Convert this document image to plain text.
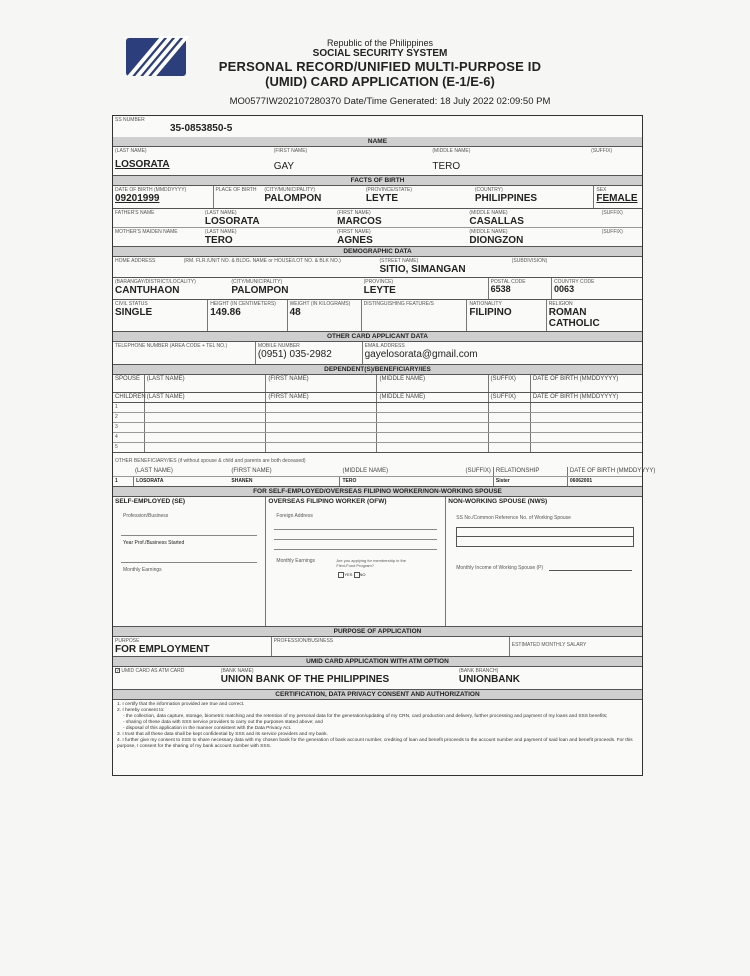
Republic of the Philippines
SOCIAL SECURITY SYSTEM
PERSONAL RECORD/UNIFIED MULTI-PURPOSE ID
(UMID) CARD APPLICATION (E-1/E-6)
MO0577IW202107280370 Date/Time Generated: 18 July 2022 02:09:50 PM
SS NUMBER
35-0853850-5
NAME
(LAST NAME)
LOSORATA
(FIRST NAME)
GAY
(MIDDLE NAME)
TERO
(SUFFIX)
FACTS OF BIRTH
DATE OF BIRTH (MMDDYYYY)
09201999
PLACE OF BIRTH	(CITY/MUNICIPALITY)
PALOMPON
(PROVINCE/STATE)
LEYTE
(COUNTRY)
PHILIPPINES
SEX
FEMALE
FATHER'S NAME	(LAST NAME)
LOSORATA
(FIRST NAME)
MARCOS
(MIDDLE NAME)
CASALLAS
(SUFFIX)
MOTHER'S MAIDEN NAME	(LAST NAME)
TERO
(FIRST NAME)
AGNES
(MIDDLE NAME)
DIONGZON
(SUFFIX)
DEMOGRAPHIC DATA
HOME ADDRESS	(RM. FLR./UNIT NO. & BLDG. NAME or HOUSE/LOT NO. & BLK NO.)	(STREET NAME)
SITIO, SIMANGAN
(SUBDIVISION)
(BARANGAY/DISTRICT/LOCALITY)
CANTUHAON
(CITY/MUNICIPALITY)
PALOMPON
(PROVINCE)
LEYTE
POSTAL CODE
6538
COUNTRY CODE
0063
CIVIL STATUS
SINGLE
HEIGHT (IN CENTIMETERS)
149.86
WEIGHT (IN KILOGRAMS)
48
DISTINGUISHING FEATURE/S	NATIONALITY
FILIPINO
RELIGION
ROMAN
CATHOLIC
OTHER CARD APPLICANT DATA
TELEPHONE NUMBER (AREA CODE + TEL NO.)	MOBILE NUMBER
(0951) 035-2982
EMAIL ADDRESS
gayelosorata@gmail.com
DEPENDENT(S)/BENEFICIARY/IES
SPOUSE	(LAST NAME)	(FIRST NAME)	(MIDDLE NAME)	(SUFFIX)	DATE OF BIRTH (MMDDYYYY)
CHILDREN (LAST NAME)	(FIRST NAME)	(MIDDLE NAME)	(SUFFIX)	DATE OF BIRTH (MMDDYYYY)
1
2
3
4
5
OTHER BENEFICIARY/IES (if without spouse & child and parents are both deceased)
(LAST NAME)	(FIRST NAME)	(MIDDLE NAME)	(SUFFIX) RELATIONSHIP	DATE OF BIRTH (MMDDYYYY)
1	LOSORATA	SHANEN	TERO	Sister	06062001
FOR SELF-EMPLOYED/OVERSEAS FILIPINO WORKER/NON-WORKING SPOUSE
SELF-EMPLOYED (SE)
Profession/Business
Year Prof./Business Started
Monthly Earnings
OVERSEAS FILIPINO WORKER (OFW)
Foreign Address
Monthly Earnings	Are you applying for membership in the Flexi-Fund Program?
YES NO
NON-WORKING SPOUSE (NWS)
SS No./Common Reference No. of Working Spouse
Monthly Income of Working Spouse (P)
PURPOSE OF APPLICATION
PURPOSE
FOR EMPLOYMENT
PROFESSION/BUSINESS
ESTIMATED MONTHLY SALARY
UMID CARD APPLICATION WITH ATM OPTION
✓ UMID CARD AS ATM CARD	(BANK NAME)
UNION BANK OF THE PHILIPPINES
(BANK BRANCH)
UNIONBANK
CERTIFICATION, DATA PRIVACY CONSENT AND AUTHORIZATION
1. I certify that the information provided are true and correct.
2. I hereby consent to:

- the collection, data capture, storage, biometric matching and the retention of my personal data for the generation/updating of my CRN, card production and delivery, further processing and payment of my loans and SSS benefits;

- sharing of these data with SSS service providers to carry out the purposes stated above; and

- disposal of this application in the manner consistent with the Data Privacy Act.

3. I trust that all these data shall be kept confidential by SSS and its service providers and my bank.
4. I further give my consent to SSS to share necessary data with my chosen bank for the generation of bank account number, crediting of loan and benefit proceeds to the account number and payment of said loan and benefit proceeds. For this purpose, I consent for the sharing of my bank account number with SSS.
